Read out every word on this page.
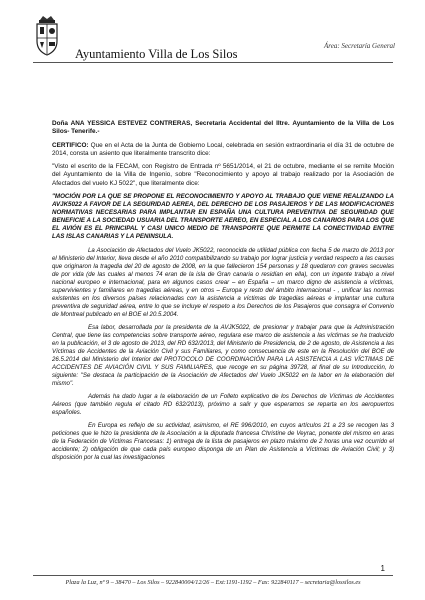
Ayuntamiento Villa de Los Silos
Área: Secretaría General

Doña ANA YESSICA ESTEVEZ CONTRERAS, Secretaria Accidental del Iltre. Ayuntamiento de la Villa de Los Silos- Tenerife.-

CERTIFICO: Que en el Acta de la Junta de Gobierno Local, celebrada en sesión extraordinaria el día 31 de octubre de 2014, consta un asiento que literalmente transcrito dice:

"Visto el escrito de la FECAM, con Registro de Entrada nº 5651/2014, el 21 de octubre, mediante el se remite Moción del Ayuntamiento de la Villa de Ingenio, sobre "Reconocimiento y apoyo al trabajo realizado por la Asociación de Afectados del vuelo KJ 5022", que literalmente dice:

"MOCIÓN POR LA QUE SE PROPONE EL RECONOCIMIENTO Y APOYO AL TRABAJO QUE VIENE REALIZANDO LA AVJK5022 A FAVOR DE LA SEGURIDAD AEREA, DEL DERECHO DE LOS PASAJEROS Y DE LAS MODIFICACIONES NORMATIVAS NECESARIAS PARA IMPLANTAR EN ESPAÑA UNA CULTURA PREVENTIVA DE SEGURIDAD QUE BENEFICIE A LA SOCIEDAD USUARIA DEL TRANSPORTE AEREO, EN ESPECIAL A LOS CANARIOS PARA LOS QUE EL AVIÓN ES EL PRINCIPAL Y CASI UNICO MEDIO DE TRANSPORTE QUE PERMITE LA CONECTIVIDAD ENTRE LAS ISLAS CANARIAS Y LA PENINSULA.

La Asociación de Afectados del Vuelo JK5022, reconocida de utilidad pública con fecha 5 de marzo de 2013 por el Ministerio del Interior, lleva desde el año 2010 compatibilizando su trabajo por lograr justicia y verdad respecto a las causas que originaron la tragedia del 20 de agosto de 2008, en la que fallecieron 154 personas y 18 quedaron con graves secuelas de por vida (de las cuales al menos 74 eran de la isla de Gran canaria o residían en ella), con un ingente trabajo a nivel nacional europeo e internacional, para en algunos casos crear – en España – un marco digno de asistencia a víctimas, supervivientes y familiares en tragedias aéreas, y en otros – Europa y resto del ámbito internacional - , unificar las normas existentes en los diversos países relacionadas con la asistencia a víctimas de tragedias aéreas e implantar una cultura preventiva de seguridad aérea, entre lo que se incluye el respeto a los Derechos de los Pasajeros que consagra el Convenio de Montreal publicado en el BOE el 20.5.2004.

Esa labor, desarrollada por la presidenta de la AVJK5022, de presionar y trabajar para que la Administración Central, que tiene las competencias sobre transporte aéreo, regulara ese marco de asistencia a las víctimas se ha traducido en la publicación, el 3 de agosto de 2013, del RD 632/2013, del Ministerio de Presidencia, de 2 de agosto, de Asistencia a las Víctimas de Accidentes de la Aviación Civil y sus Familiares, y como consecuencia de este en la Resolución del BOE de 26.5.2014 del Ministerio del Interior del PROTOCOLO DE COORDINACIÓN PARA LA ASISTENCIA A LAS VÍCTIMAS DE ACCIDENTES DE AVIACIÓN CIVIL Y SUS FAMILIARES, que recoge en su página 39728, al final de su Introducción, lo siguiente: "Se destaca la participación de la Asociación de Afectados del Vuelo JK5022 en la labor en la elaboración del mismo".

Además ha dado lugar a la elaboración de un Folleto explicativo de los Derechos de Víctimas de Accidentes Aéreos (que también regula el citado RD 632/2013), próximo a salir y que esperamos se reparta en los aeropuertos españoles.

En Europa es reflejo de su actividad, asimismo, el RE 996/2010, en cuyos artículos 21 a 23 se recogen las 3 peticiones que le hizo la presidenta de la Asociación a la diputada francesa Christine de Veyrac, ponente del mismo en aras de la Federación de Víctimas Francesas: 1) entrega de la lista de pasajeros en plazo máximo de 2 horas una vez ocurrido el accidente; 2) obligación de que cada país europeo disponga de un Plan de Asistencia a Víctimas de Aviación Civil; y 3) disposición por la cual las investigaciones

1
Plaza la Luz, nº 9 – 38470 – Los Silos – 922840004/12/26 – Ext:1191-1192 – Fax: 922840117 – secretaria@lossilos.es
